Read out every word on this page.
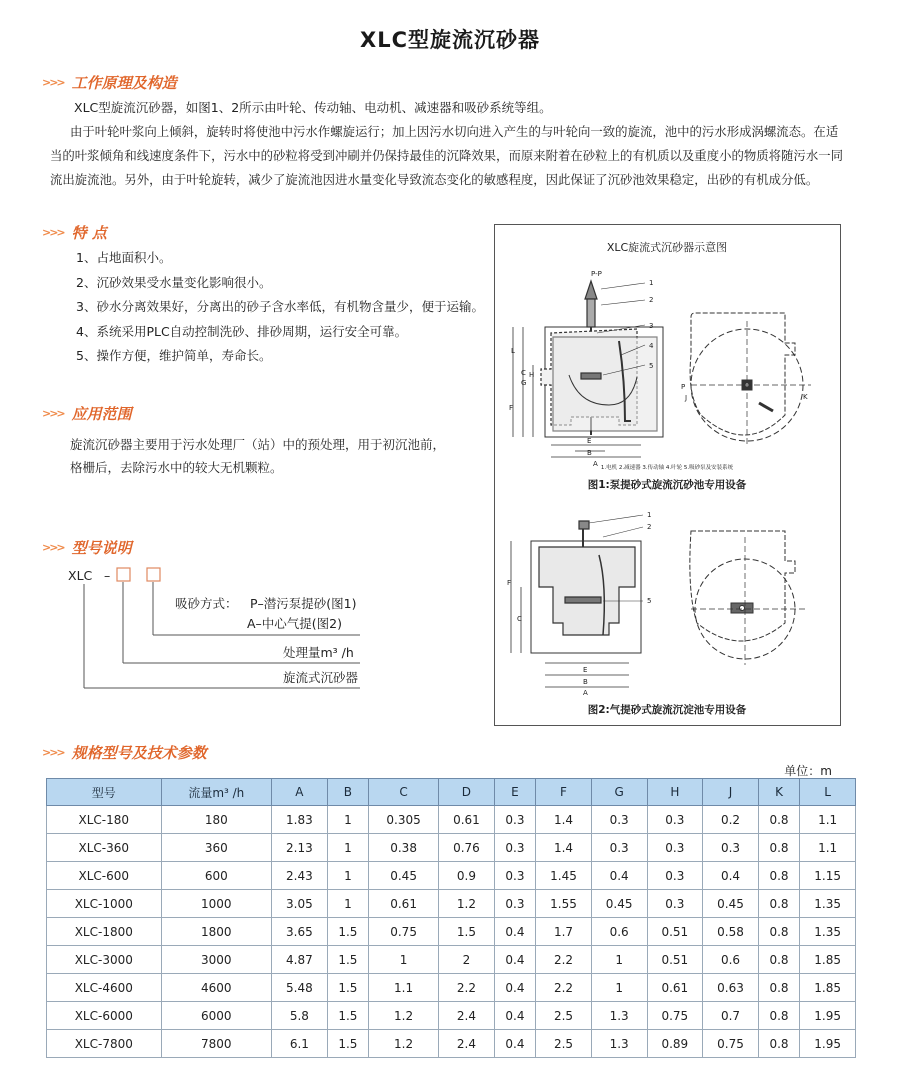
XLC型旋流沉砂器
>>> 工作原理及构造

XLC型旋流沉砂器，如图1、2所示由叶轮、传动轴、电动机、减速器和吸砂系统等组。

由于叶轮叶浆向上倾斜，旋转时将使池中污水作螺旋运行；加上因污水切向进入产生的与叶轮向一致的旋流，池中的污水形成涡螺流态。在适

当的叶浆倾角和线速度条件下，污水中的砂粒将受到冲刷并仍保持最佳的沉降效果，而原来附着在砂粒上的有机质以及重度小的物质将随污水一同

流出旋流池。另外，由于叶轮旋转，减少了旋流池因进水量变化导致流态变化的敏感程度，因此保证了沉砂池效果稳定，出砂的有机成分低。

>>> 特 点
1、占地面积小。
2、沉砂效果受水量变化影响很小。
3、砂水分离效果好，分离出的砂子含水率低，有机物含量少，便于运输。
4、系统采用PLC自动控制洗砂、排砂周期，运行安全可靠。
5、操作方便，维护简单，寿命长。
>>> 应用范围
旋流沉砂器主要用于污水处理厂（站）中的预处理，用于初沉池前，
格栅后，去除污水中的较大无机颗粒。
>>> 型号说明
XLC –
吸砂方式： P–潜污泵提砂(图1)
A–中心气提(图2)
处理量m³ /h
旋流式沉砂器
XLC旋流式沉砂器示意图
P-P
L
C
G
H
F
E
B
A
1
2
3
4
5
P
J	K
1.电机 2.减速器 3.传动轴 4.叶轮 5.吸砂泵及安装系统
图1:泵提砂式旋流沉砂池专用设备
F
C
E
B
A
1
2
5
图2:气提砂式旋流沉淀池专用设备
>>> 规格型号及技术参数
单位：m
型号	流量m³ /h	A	B	C	D	E	F	G	H	J	K	L
XLC-180	180	1.83	1	0.305	0.61	0.3	1.4	0.3	0.3	0.2	0.8	1.1
XLC-360	360	2.13	1	0.38	0.76	0.3	1.4	0.3	0.3	0.3	0.8	1.1
XLC-600	600	2.43	1	0.45	0.9	0.3	1.45	0.4	0.3	0.4	0.8	1.15
XLC-1000	1000	3.05	1	0.61	1.2	0.3	1.55	0.45	0.3	0.45	0.8	1.35
XLC-1800	1800	3.65	1.5	0.75	1.5	0.4	1.7	0.6	0.51	0.58	0.8	1.35
XLC-3000	3000	4.87	1.5	1	2	0.4	2.2	1	0.51	0.6	0.8	1.85
XLC-4600	4600	5.48	1.5	1.1	2.2	0.4	2.2	1	0.61	0.63	0.8	1.85
XLC-6000	6000	5.8	1.5	1.2	2.4	0.4	2.5	1.3	0.75	0.7	0.8	1.95
XLC-7800	7800	6.1	1.5	1.2	2.4	0.4	2.5	1.3	0.89	0.75	0.8	1.95
